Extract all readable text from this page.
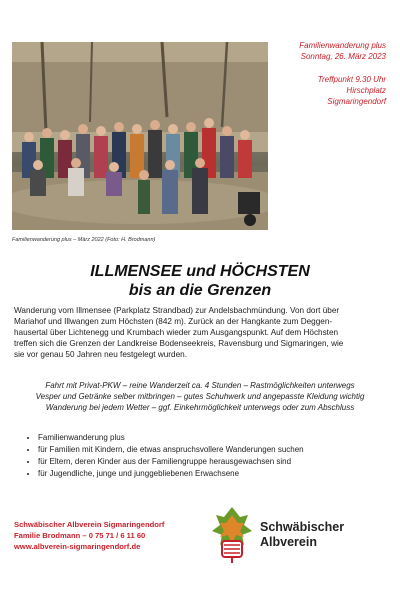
Familienwanderung plus – März 2022 (Foto: H. Brodmann)
Familienwanderung plus
Sonntag, 26. März 2023
Treffpunkt 9.30 Uhr
Hirschplatz
Sigmaringendorf
ILLMENSEE und HÖCHSTEN
bis an die Grenzen
Wanderung vom Illmensee (Parkplatz Strandbad) zur Andelsbachmündung. Von dort über
Mariahof und Illwangen zum Höchsten (842 m). Zurück an der Hangkante zum Deggen-
hausertal über Lichtenegg und Krumbach wieder zum Ausgangspunkt. Auf dem Höchsten
treffen sich die Grenzen der Landkreise Bodenseekreis, Ravensburg und Sigmaringen, wie
sie vor genau 50 Jahren neu festgelegt wurden.
Fahrt mit Privat-PKW – reine Wanderzeit ca. 4 Stunden – Rastmöglichkeiten unterwegs
Vesper und Getränke selber mitbringen – gutes Schuhwerk und angepasste Kleidung wichtig
Wanderung bei jedem Wetter – ggf. Einkehrmöglichkeit unterwegs oder zum Abschluss
• Familienwanderung plus
• für Familien mit Kindern, die etwas anspruchsvollere Wanderungen suchen
• für Eltern, deren Kinder aus der Familiengruppe herausgewachsen sind
• für Jugendliche, junge und junggebliebenen Erwachsene
Schwäbischer Albverein Sigmaringendorf
Familie Brodmann – 0 75 71 / 6 11 60
www.albverein-sigmaringendorf.de
Schwäbischer
Albverein
